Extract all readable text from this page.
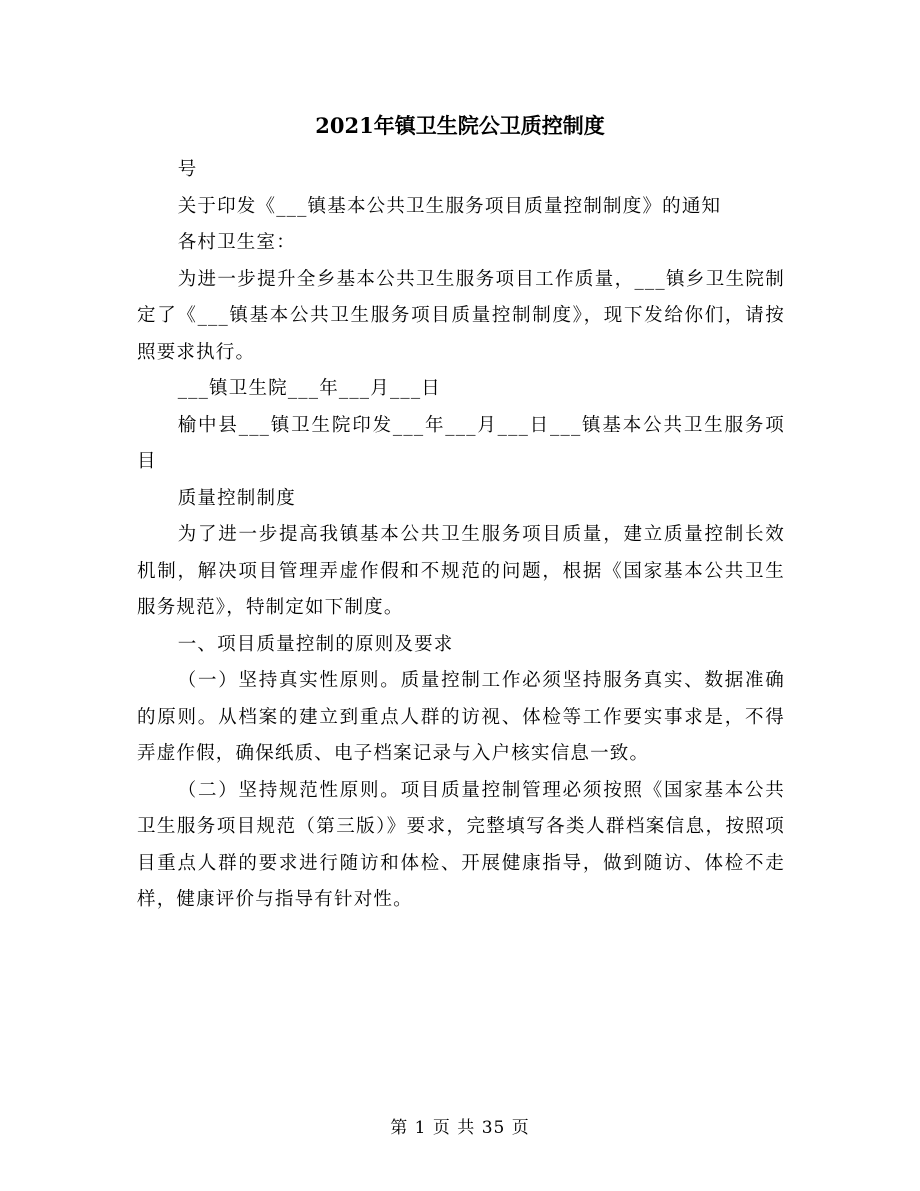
2021年镇卫生院公卫质控制度

号

关于印发《___镇基本公共卫生服务项目质量控制制度》的通知

各村卫生室：

为进一步提升全乡基本公共卫生服务项目工作质量，___镇乡卫生院制定了《___镇基本公共卫生服务项目质量控制制度》，现下发给你们，请按照要求执行。

___镇卫生院___年___月___日

榆中县___镇卫生院印发___年___月___日___镇基本公共卫生服务项目

质量控制制度

为了进一步提高我镇基本公共卫生服务项目质量，建立质量控制长效机制，解决项目管理弄虚作假和不规范的问题，根据《国家基本公共卫生服务规范》，特制定如下制度。

一、项目质量控制的原则及要求

（一）坚持真实性原则。质量控制工作必须坚持服务真实、数据准确的原则。从档案的建立到重点人群的访视、体检等工作要实事求是，不得弄虚作假，确保纸质、电子档案记录与入户核实信息一致。

（二）坚持规范性原则。项目质量控制管理必须按照《国家基本公共卫生服务项目规范（第三版）》要求，完整填写各类人群档案信息，按照项目重点人群的要求进行随访和体检、开展健康指导，做到随访、体检不走样，健康评价与指导有针对性。

第 1 页 共 35 页
